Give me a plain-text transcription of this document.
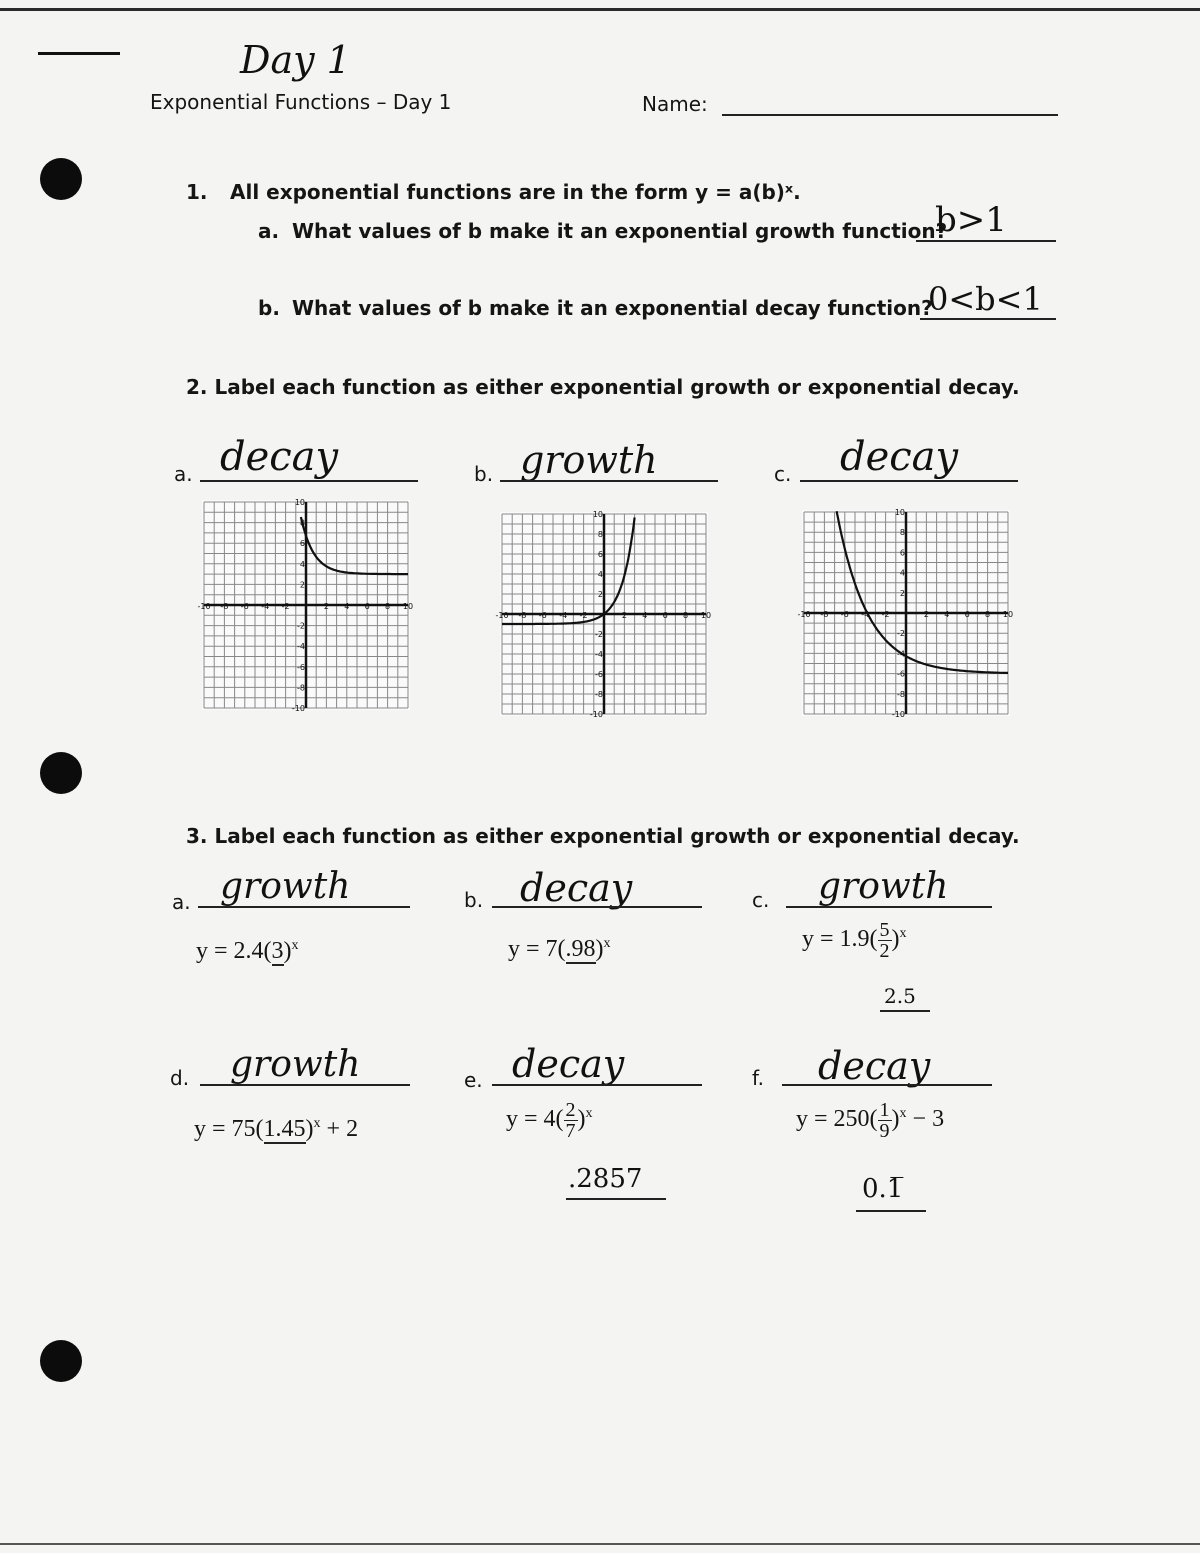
Day 1
Exponential Functions – Day 1	Name:
1. All exponential functions are in the form y = a(b)ˣ.
a. What values of b make it an exponential growth function?
b>1
b. What values of b make it an exponential decay function?
0<b<1
2. Label each function as either exponential growth or exponential decay.
a. decay	b. growth	c. decay
-10
-10
-8
-8
-6
-6
-4
-4
-2
-2
2
2
4
4
6
6
8
8
10
10
-10
-10
-8
-8
-6
-6
-4
-4
-2
-2
2
2
4
4
6
6
8
8
10
10
-10
-10
-8
-8
-6
-6
-4
-4
-2
-2
2
2
4
4
6
6
8
8
10
10
3. Label each function as either exponential growth or exponential decay.
a. growth
$y = 2.4(3)^x$
b. decay
$y = 7(.98)^x$
c. growth
$y = 1.9( \frac{5}{2} )^x$
2.5
d. growth
$y = 75(1.45)^x + 2$
e. decay
$y = 4( \frac{2}{7} )^x$
.2857
f. decay
$y = 250( \frac{1}{9} )^x - 3$
0.1̅
